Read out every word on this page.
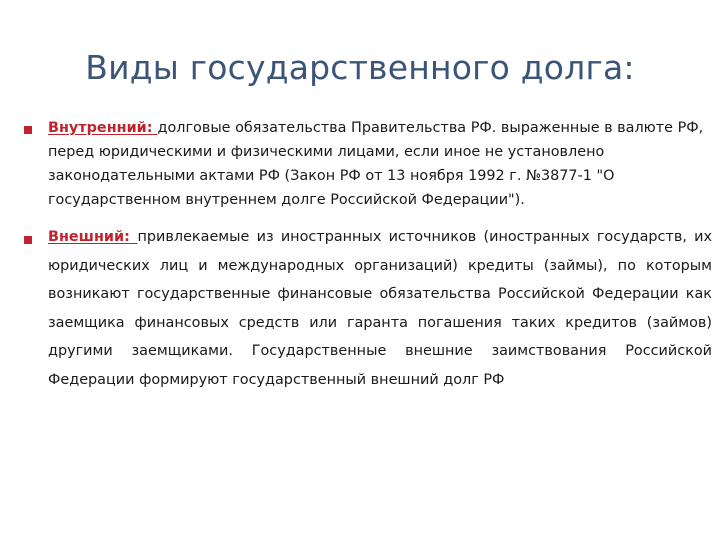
Виды государственного долга:

Внутренний: долговые обязательства Правительства РФ. выраженные в валюте РФ, перед юридическими и физическими лицами, если иное не установлено законодательными актами РФ (Закон РФ от 13 ноября 1992 г. №3877-1 "О государственном внутреннем долге Российской Федерации").

Внешний: привлекаемые из иностранных источников (иностранных государств, их юридических лиц и международных организаций) кредиты (займы), по которым возникают государственные финансовые обязательства Российской Федерации как заемщика финансовых средств или гаранта погашения таких кредитов (займов) другими заемщиками. Государственные внешние заимствования Российской Федерации формируют государственный внешний долг РФ
